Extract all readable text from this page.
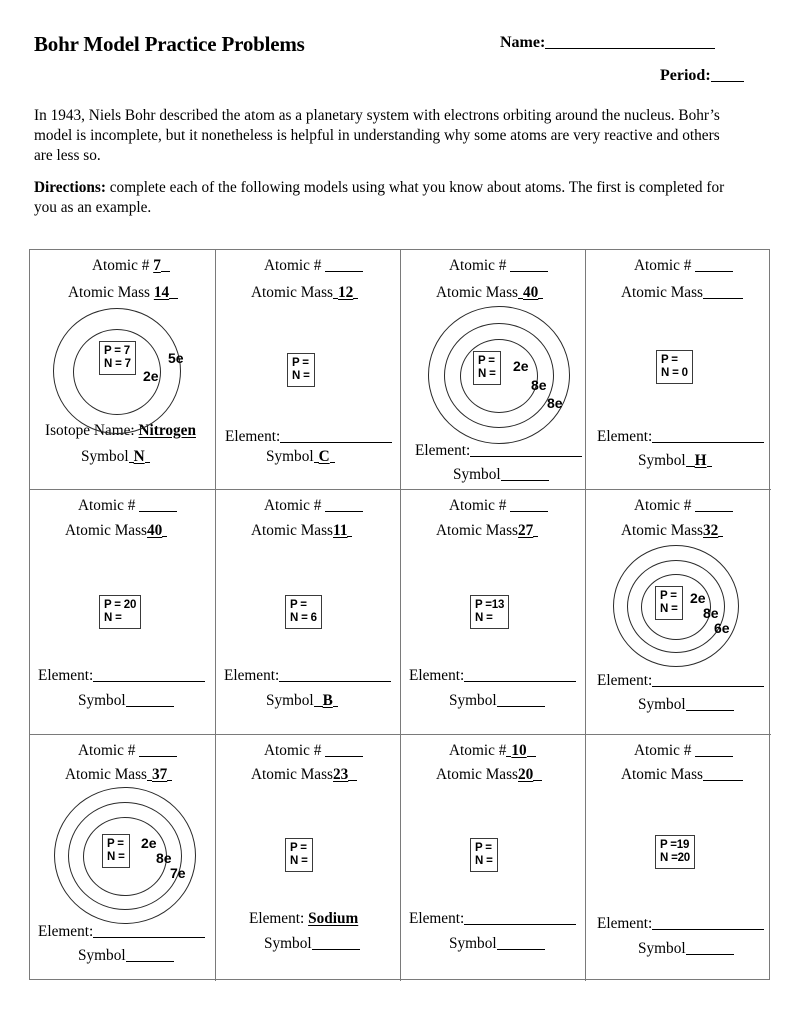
Bohr Model Practice Problems	Name:
Period:
In 1943, Niels Bohr described the atom as a planetary system with electrons orbiting around the nucleus. Bohr’s model is incomplete, but it nonetheless is helpful in understanding why some atoms are very reactive and others are less so.
Directions: complete each of the following models using what you know about atoms. The first is completed for you as an example.
Atomic # 7
Atomic Mass 14
P = 7
N = 7
2e
5e
Isotope Name: Nitrogen
Symbol N
Atomic #
Atomic Mass 12
P =
N =
Element:
Symbol C
Atomic #
Atomic Mass 40
P =
N = 2e
8e
8e
Element:
Symbol
Atomic #
Atomic Mass
P =
N = 0
Element:
Symbol H
Atomic #
Atomic Mass40
P = 20
N =
Element:
Symbol
Atomic #
Atomic Mass11
P =
N = 6
Element:
Symbol B
Atomic #
Atomic Mass27
P =13
N =
Element:
Symbol
Atomic #
Atomic Mass32
P =
N =
2e
8e
6e
Element:
Symbol
Atomic #
Atomic Mass 37
P =
N =
2e
8e
7e
Element:
Symbol
Atomic #
Atomic Mass23
P =
N =
Element: Sodium
Symbol
Atomic # 10
Atomic Mass20
P =
N =
Element:
Symbol
Atomic #
Atomic Mass
P =19
N =20
Element:
Symbol
